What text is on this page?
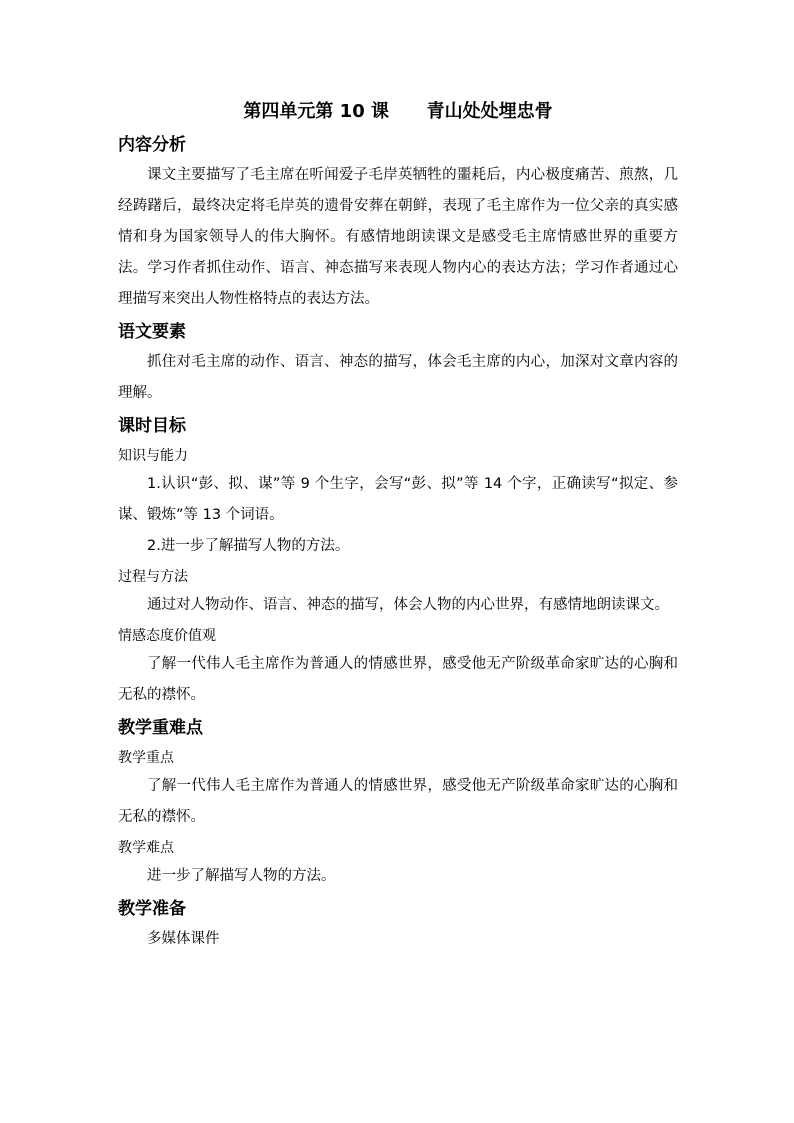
第四单元第 10 课      青山处处埋忠骨
内容分析
课文主要描写了毛主席在听闻爱子毛岸英牺牲的噩耗后，内心极度痛苦、煎熬，几经踌躇后，最终决定将毛岸英的遗骨安葬在朝鲜，表现了毛主席作为一位父亲的真实感情和身为国家领导人的伟大胸怀。有感情地朗读课文是感受毛主席情感世界的重要方法。学习作者抓住动作、语言、神态描写来表现人物内心的表达方法；学习作者通过心理描写来突出人物性格特点的表达方法。
语文要素
抓住对毛主席的动作、语言、神态的描写，体会毛主席的内心，加深对文章内容的理解。
课时目标
知识与能力
1.认识“彭、拟、谋”等 9 个生字，会写“彭、拟”等 14 个字，正确读写“拟定、参谋、锻炼”等 13 个词语。
2.进一步了解描写人物的方法。
过程与方法
通过对人物动作、语言、神态的描写，体会人物的内心世界，有感情地朗读课文。
情感态度价值观
了解一代伟人毛主席作为普通人的情感世界，感受他无产阶级革命家旷达的心胸和无私的襟怀。
教学重难点
教学重点
了解一代伟人毛主席作为普通人的情感世界，感受他无产阶级革命家旷达的心胸和无私的襟怀。
教学难点
进一步了解描写人物的方法。
教学准备
多媒体课件
